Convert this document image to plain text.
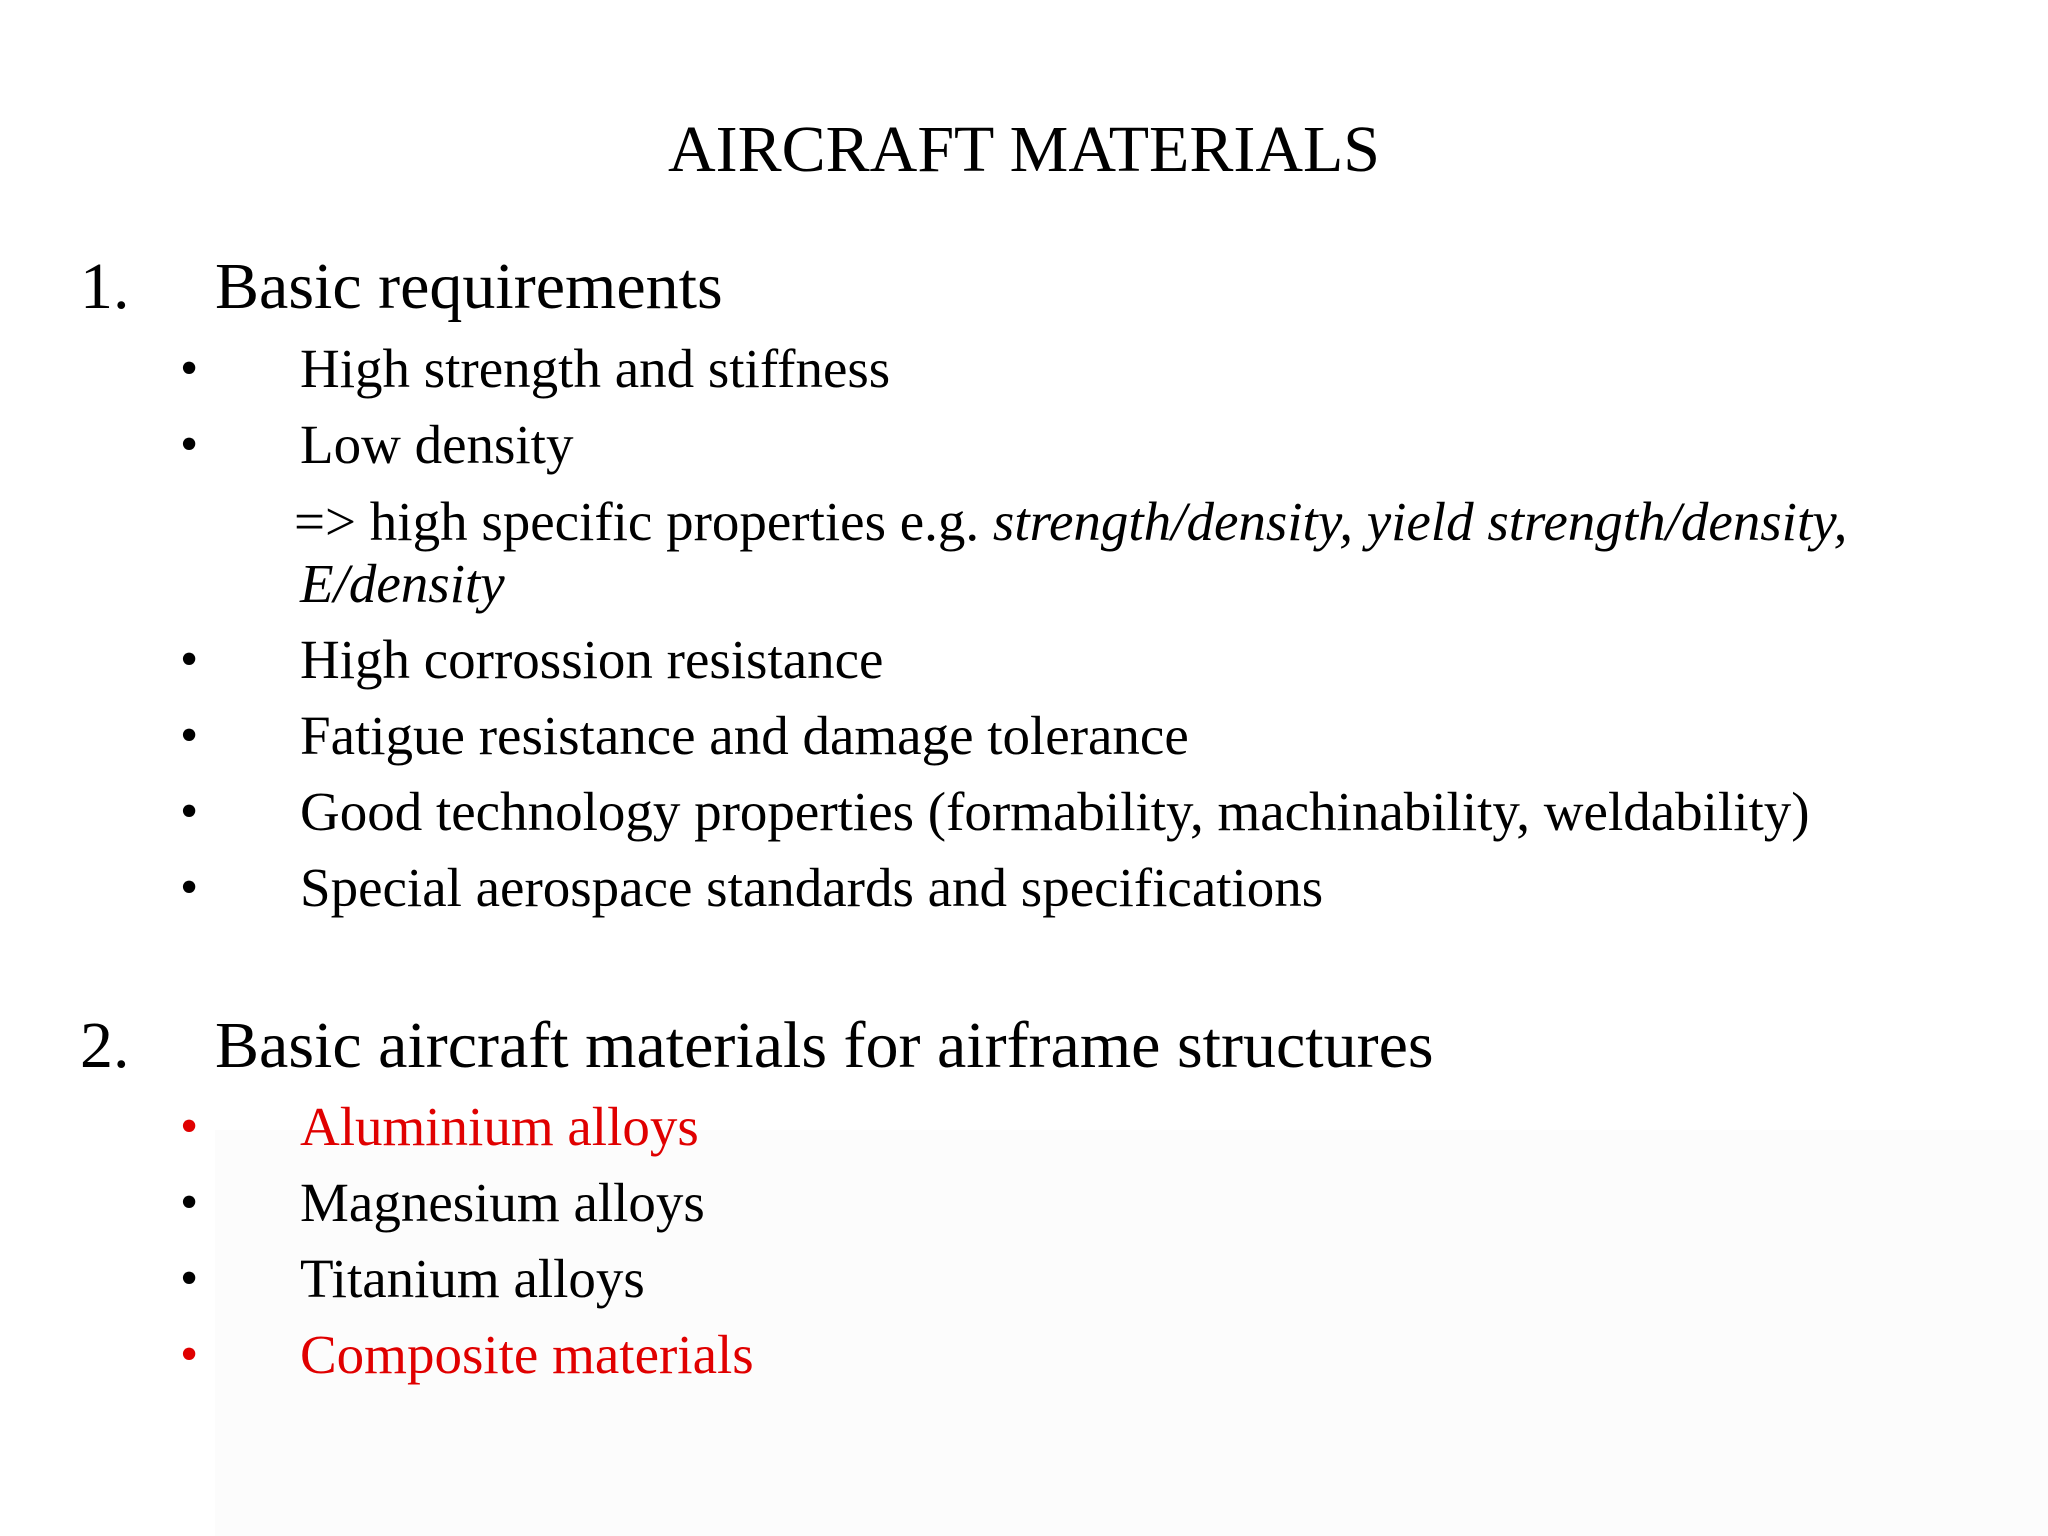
AIRCRAFT MATERIALS
1. Basic requirements
• High strength and stiffness
• Low density
=> high specific properties e.g. strength/density, yield strength/density,
E/density
• High corrossion resistance
• Fatigue resistance and damage tolerance
• Good technology properties (formability, machinability, weldability)
• Special aerospace standards and specifications
2. Basic aircraft materials for airframe structures
• Aluminium alloys
• Magnesium alloys
• Titanium alloys
• Composite materials
